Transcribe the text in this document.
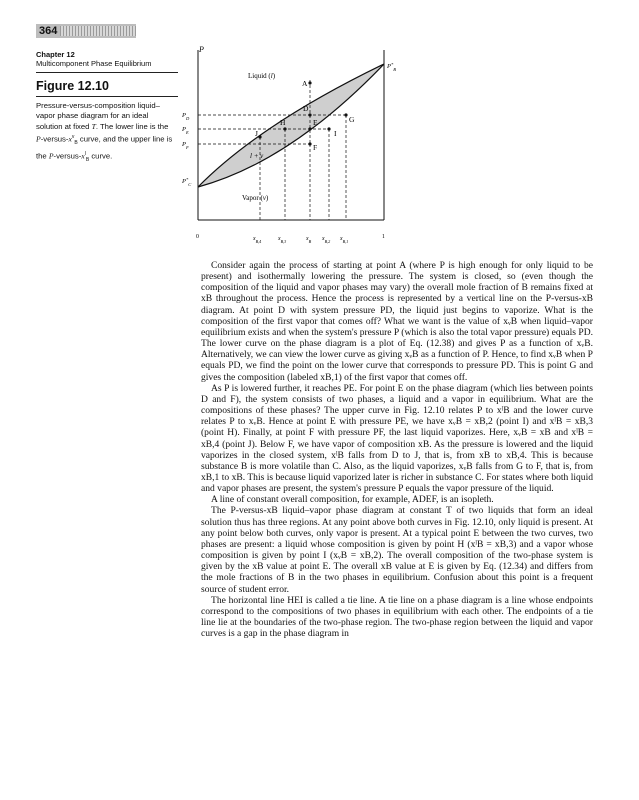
364
Chapter 12
Multicomponent Phase Equilibrium
Figure 12.10
Pressure-versus-composition liquid–vapor phase diagram for an ideal solution at fixed T. The lower line is the $P-versus-x^v_B$ curve, and the upper line is the $P-versus-x^l_B$ curve.
P
A
D
G
H	E
I
J
F
$P_D$
$P_E$
$P_F$
$P^*_C$
$P^*_B$
Liquid (l)
l + v
Vapor (v)
0	$x_{B,4}$	$x_{B,3}$	$x_B$ $x_{B,2}$ $x_{B,1}$
1

Consider again the process of starting at point A (where P is high enough for only liquid to be present) and isothermally lowering the pressure. The system is closed, so (even though the composition of the liquid and vapor phases may vary) the overall mole fraction of B remains fixed at xB throughout the process. Hence the process is represented by a vertical line on the P-versus-xB diagram. At point D with system pressure PD, the liquid just begins to vaporize. What is the composition of the first vapor that comes off? What we want is the value of xᵥB when liquid–vapor equilibrium exists and when the system's pressure P (which is also the total vapor pressure) equals PD. The lower curve on the phase diagram is a plot of Eq. (12.38) and gives P as a function of xᵥB. Alternatively, we can view the lower curve as giving xᵥB as a function of P. Hence, to find xᵥB when P equals PD, we find the point on the lower curve that corresponds to pressure PD. This is point G and gives the composition (labeled xB,1) of the first vapor that comes off.

As P is lowered further, it reaches PE. For point E on the phase diagram (which lies between points D and F), the system consists of two phases, a liquid and a vapor in equilibrium. What are the compositions of these phases? The upper curve in Fig. 12.10 relates P to xˡB and the lower curve relates P to xᵥB. Hence at point E with pressure PE, we have xᵥB = xB,2 (point I) and xˡB = xB,3 (point H). Finally, at point F with pressure PF, the last liquid vaporizes. Here, xᵥB = xB and xˡB = xB,4 (point J). Below F, we have vapor of composition xB. As the pressure is lowered and the liquid vaporizes in the closed system, xˡB falls from D to J, that is, from xB to xB,4. This is because substance B is more volatile than C. Also, as the liquid vaporizes, xᵥB falls from G to F, that is, from xB,1 to xB. This is because liquid vaporized later is richer in substance C. For states where both liquid and vapor phases are present, the system's pressure P equals the vapor pressure of the liquid.

A line of constant overall composition, for example, ADEF, is an isopleth.

The P-versus-xB liquid–vapor phase diagram at constant T of two liquids that form an ideal solution thus has three regions. At any point above both curves in Fig. 12.10, only liquid is present. At any point below both curves, only vapor is present. At a typical point E between the two curves, two phases are present: a liquid whose composition is given by point H (xˡB = xB,3) and a vapor whose composition is given by point I (xᵥB = xB,2). The overall composition of the two-phase system is given by the xB value at point E. The overall xB value at E is given by Eq. (12.34) and differs from the mole fractions of B in the two phases in equilibrium. Confusion about this point is a frequent source of student error.

The horizontal line HEI is called a tie line. A tie line on a phase diagram is a line whose endpoints correspond to the compositions of two phases in equilibrium with each other. The endpoints of a tie line lie at the boundaries of the two-phase region. The two-phase region between the liquid and vapor curves is a gap in the phase diagram in
